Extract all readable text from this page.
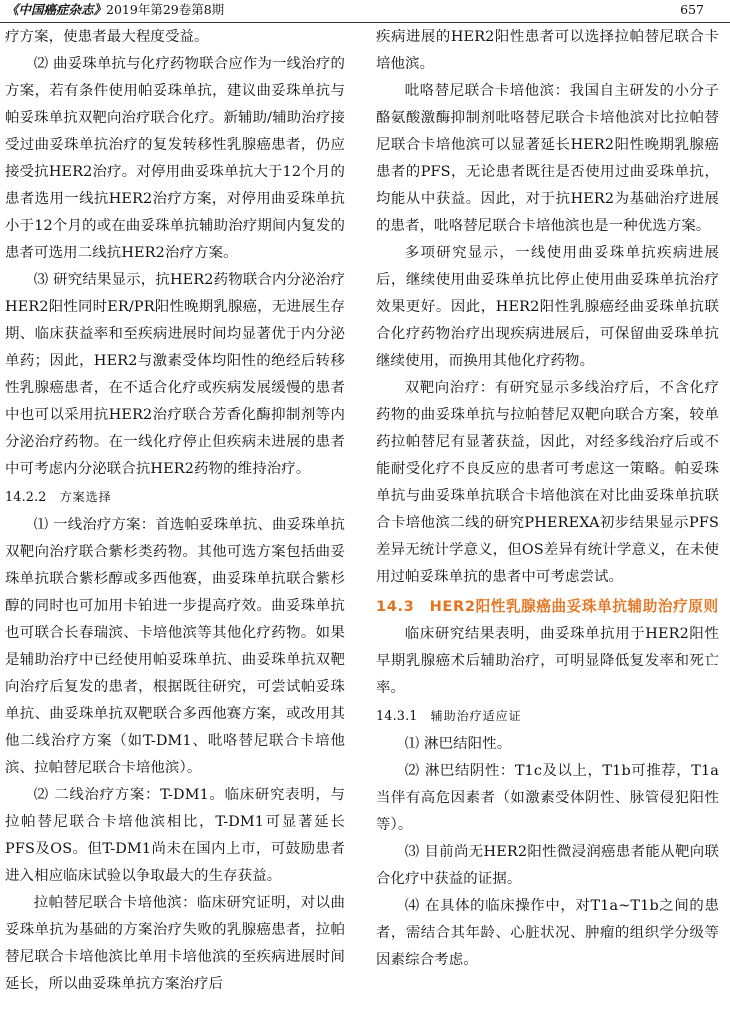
《中国癌症杂志》2019年第29卷第8期	657

疗方案，使患者最大程度受益。

⑵ 曲妥珠单抗与化疗药物联合应作为一线治疗的方案，若有条件使用帕妥珠单抗，建议曲妥珠单抗与帕妥珠单抗双靶向治疗联合化疗。新辅助/辅助治疗接受过曲妥珠单抗治疗的复发转移性乳腺癌患者，仍应接受抗HER2治疗。对停用曲妥珠单抗大于12个月的患者选用一线抗HER2治疗方案，对停用曲妥珠单抗小于12个月的或在曲妥珠单抗辅助治疗期间内复发的患者可选用二线抗HER2治疗方案。

⑶ 研究结果显示，抗HER2药物联合内分泌治疗HER2阳性同时ER/PR阳性晚期乳腺癌，无进展生存期、临床获益率和至疾病进展时间均显著优于内分泌单药；因此，HER2与激素受体均阳性的绝经后转移性乳腺癌患者，在不适合化疗或疾病发展缓慢的患者中也可以采用抗HER2治疗联合芳香化酶抑制剂等内分泌治疗药物。在一线化疗停止但疾病未进展的患者中可考虑内分泌联合抗HER2药物的维持治疗。

14.2.2  方案选择

⑴ 一线治疗方案：首选帕妥珠单抗、曲妥珠单抗双靶向治疗联合紫杉类药物。其他可选方案包括曲妥珠单抗联合紫杉醇或多西他赛，曲妥珠单抗联合紫杉醇的同时也可加用卡铂进一步提高疗效。曲妥珠单抗也可联合长春瑞滨、卡培他滨等其他化疗药物。如果是辅助治疗中已经使用帕妥珠单抗、曲妥珠单抗双靶向治疗后复发的患者，根据既往研究，可尝试帕妥珠单抗、曲妥珠单抗双靶联合多西他赛方案，或改用其他二线治疗方案（如T-DM1、吡咯替尼联合卡培他滨、拉帕替尼联合卡培他滨）。

⑵ 二线治疗方案：T-DM1。临床研究表明，与拉帕替尼联合卡培他滨相比，T-DM1可显著延长PFS及OS。但T-DM1尚未在国内上市，可鼓励患者进入相应临床试验以争取最大的生存获益。

拉帕替尼联合卡培他滨：临床研究证明，对以曲妥珠单抗为基础的方案治疗失败的乳腺癌患者，拉帕替尼联合卡培他滨比单用卡培他滨的至疾病进展时间延长，所以曲妥珠单抗方案治疗后

疾病进展的HER2阳性患者可以选择拉帕替尼联合卡培他滨。

吡咯替尼联合卡培他滨：我国自主研发的小分子酪氨酸激酶抑制剂吡咯替尼联合卡培他滨对比拉帕替尼联合卡培他滨可以显著延长HER2阳性晚期乳腺癌患者的PFS，无论患者既往是否使用过曲妥珠单抗，均能从中获益。因此，对于抗HER2为基础治疗进展的患者，吡咯替尼联合卡培他滨也是一种优选方案。

多项研究显示，一线使用曲妥珠单抗疾病进展后，继续使用曲妥珠单抗比停止使用曲妥珠单抗治疗效果更好。因此，HER2阳性乳腺癌经曲妥珠单抗联合化疗药物治疗出现疾病进展后，可保留曲妥珠单抗继续使用，而换用其他化疗药物。

双靶向治疗：有研究显示多线治疗后，不含化疗药物的曲妥珠单抗与拉帕替尼双靶向联合方案，较单药拉帕替尼有显著获益，因此，对经多线治疗后或不能耐受化疗不良反应的患者可考虑这一策略。帕妥珠单抗与曲妥珠单抗联合卡培他滨在对比曲妥珠单抗联合卡培他滨二线的研究PHEREXA初步结果显示PFS差异无统计学意义，但OS差异有统计学意义，在未使用过帕妥珠单抗的患者中可考虑尝试。

14.3　HER2阳性乳腺癌曲妥珠单抗辅助治疗原则

临床研究结果表明，曲妥珠单抗用于HER2阳性早期乳腺癌术后辅助治疗，可明显降低复发率和死亡率。

14.3.1  辅助治疗适应证

⑴ 淋巴结阳性。

⑵ 淋巴结阴性：T1c及以上，T1b可推荐，T1a当伴有高危因素者（如激素受体阴性、脉管侵犯阳性等）。

⑶ 目前尚无HER2阳性微浸润癌患者能从靶向联合化疗中获益的证据。

⑷ 在具体的临床操作中，对T1a~T1b之间的患者，需结合其年龄、心脏状况、肿瘤的组织学分级等因素综合考虑。
